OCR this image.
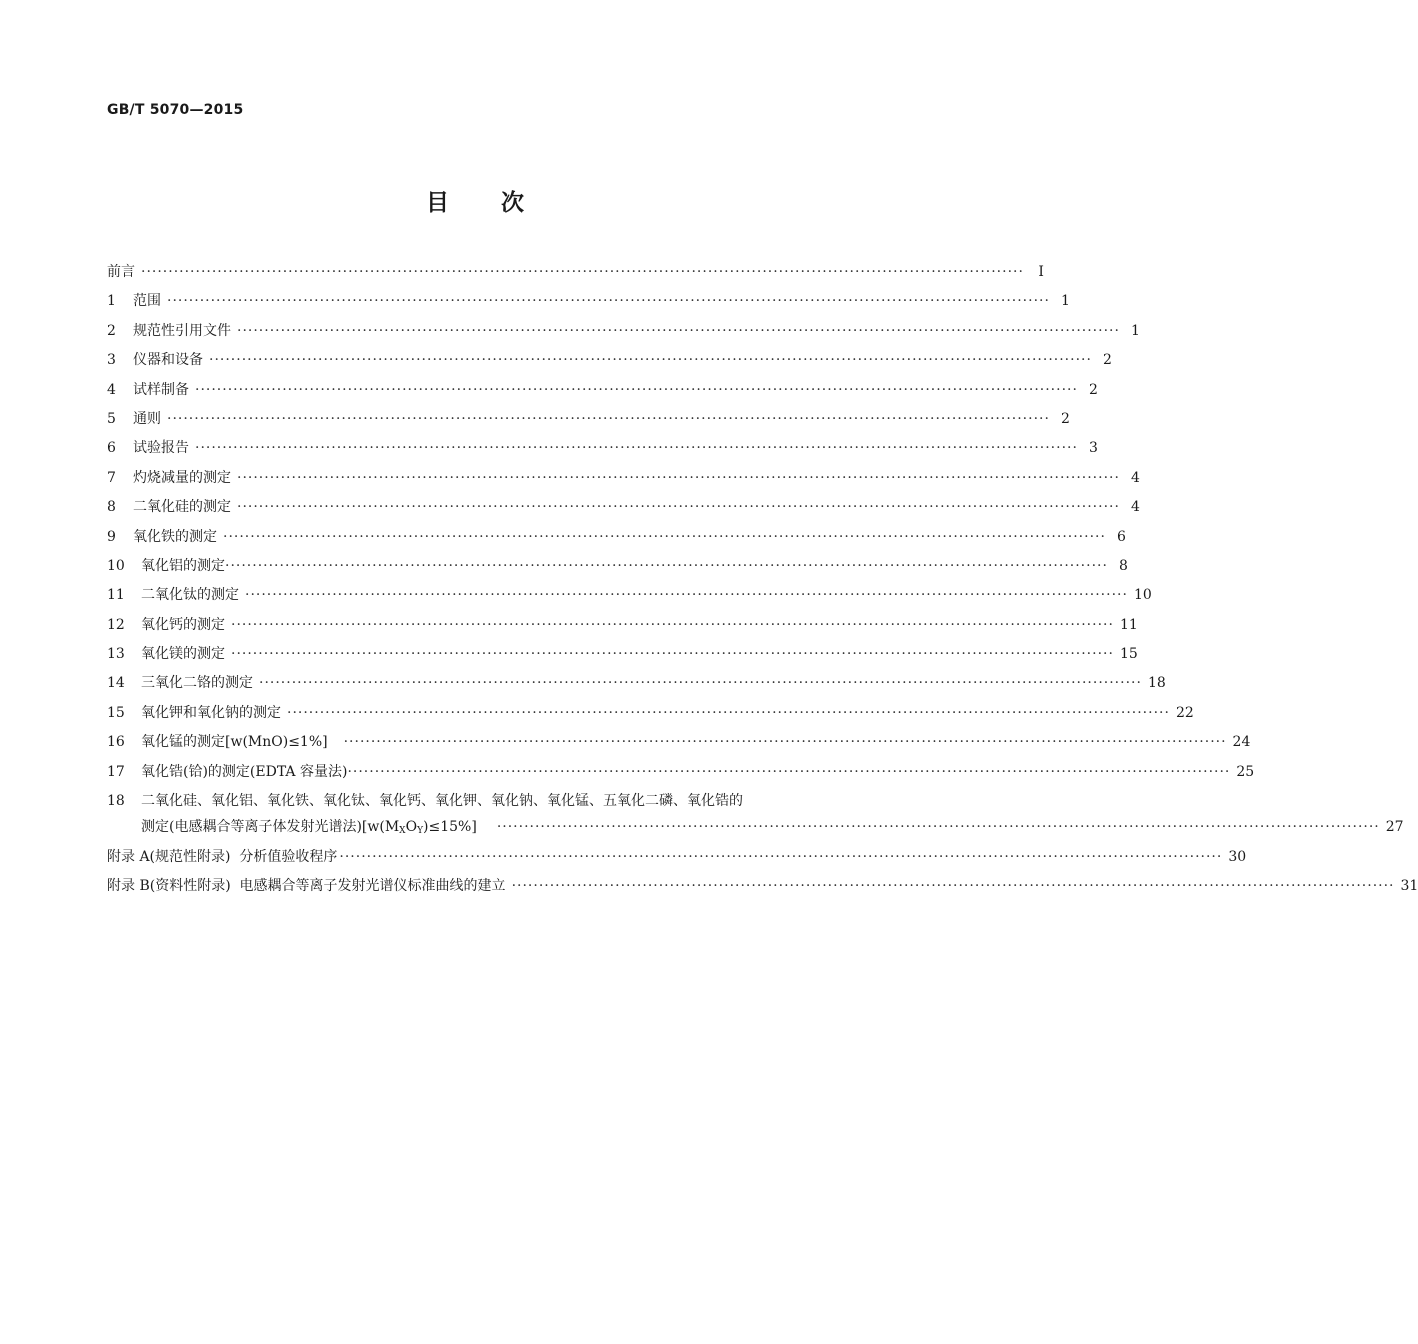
GB/T 5070—2015
目 次
前言 ··································································································································································	Ⅰ
1 范围 ·································································································································································· 1
2 规范性引用文件 ·································································································································································· 1
3 仪器和设备 ·································································································································································· 2
4 试样制备 ·································································································································································· 2
5 通则 ·································································································································································· 2
6 试验报告 ·································································································································································· 3
7 灼烧减量的测定 ·································································································································································· 4
8 二氧化硅的测定 ·································································································································································· 4
9 氧化铁的测定 ·································································································································································· 6
10 氧化铝的测定 ·································································································································································· 8
11 二氧化钛的测定 ·································································································································································· 10
12 氧化钙的测定 ·································································································································································· 11
13 氧化镁的测定 ·································································································································································· 15
14 三氧化二铬的测定 ·································································································································································· 18
15 氧化钾和氧化钠的测定 ·································································································································································· 22
16 氧化锰的测定[w(MnO)≤1%] ·································································································································································· 24
17 氧化锆(铪)的测定(EDTA 容量法) ·································································································································································· 25
18	二氧化硅、氧化铝、氧化铁、氧化钛、氧化钙、氧化钾、氧化钠、氧化锰、五氧化二磷、氧化锆的
测定(电感耦合等离子体发射光谱法)$[w(M_XO_Y)\le 15\%]$ ·································································································································································· 27
附录 A(规范性附录)  分析值验收程序 ·································································································································································· 30
附录 B(资料性附录)  电感耦合等离子发射光谱仪标准曲线的建立 ·································································································································································· 31
